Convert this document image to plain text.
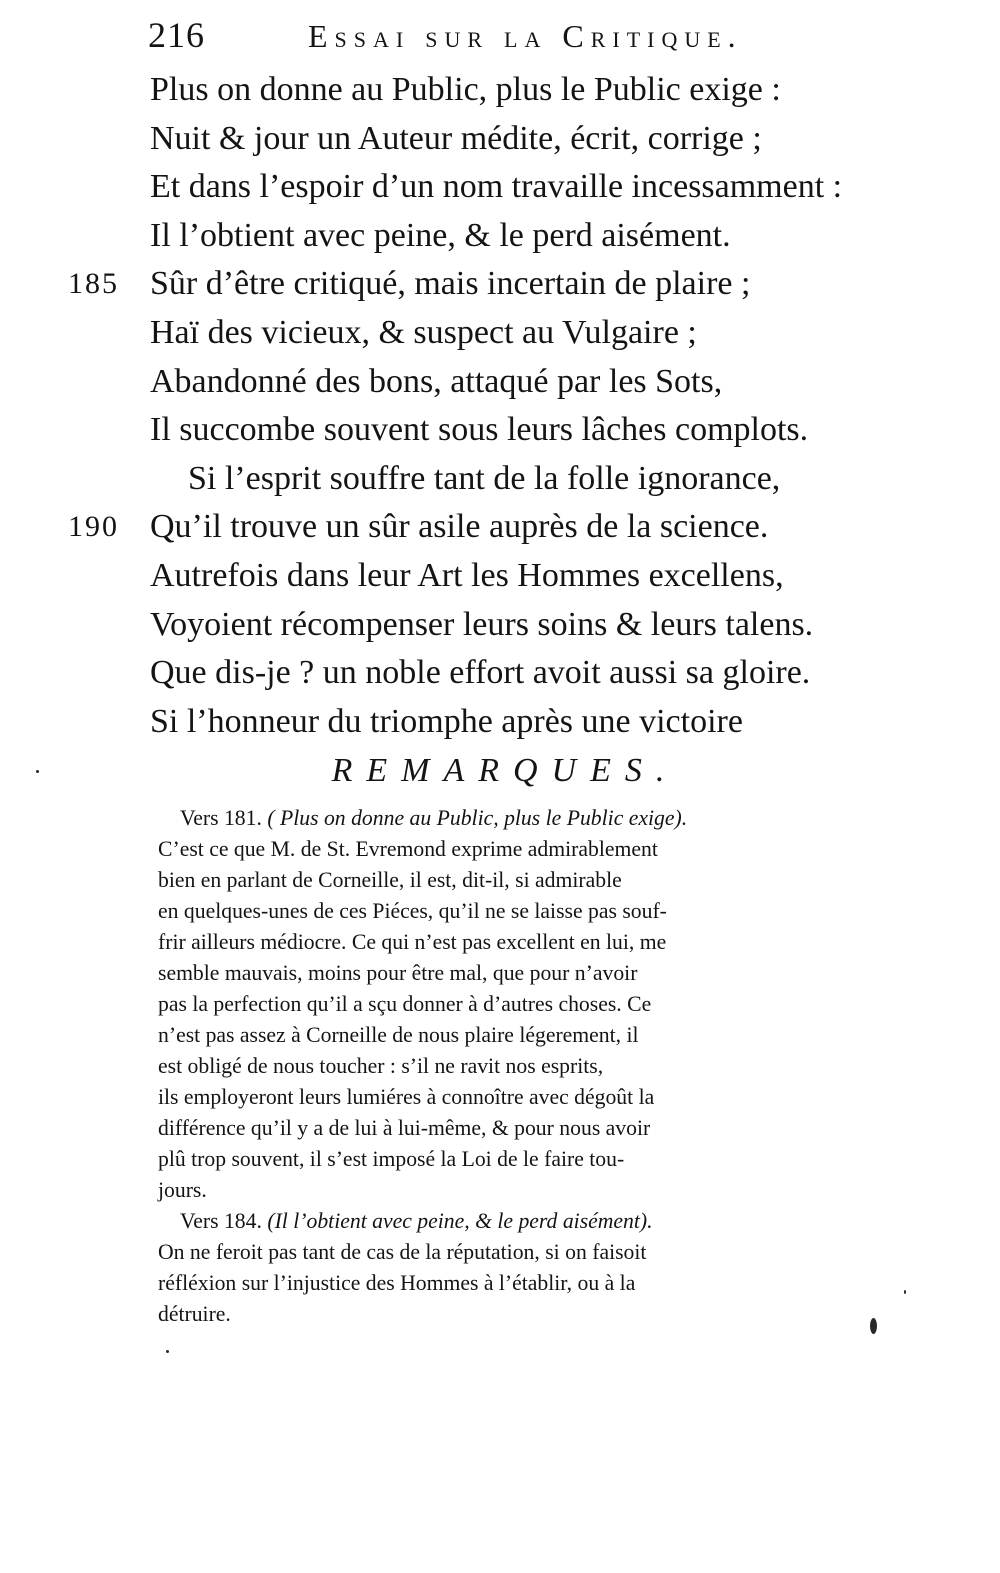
216	Essai sur la Critique.
Plus on donne au Public, plus le Public exige :
Nuit & jour un Auteur médite, écrit, corrige ;
Et dans l’espoir d’un nom travaille incessamment :
Il l’obtient avec peine, & le perd aisément.
185 Sûr d’être critiqué, mais incertain de plaire ;
Haï des vicieux, & suspect au Vulgaire ;
Abandonné des bons, attaqué par les Sots,
Il succombe souvent sous leurs lâches complots.
Si l’esprit souffre tant de la folle ignorance,
190 Qu’il trouve un sûr asile auprès de la science.
Autrefois dans leur Art les Hommes excellens,
Voyoient récompenser leurs soins & leurs talens.
Que dis-je ? un noble effort avoit aussi sa gloire.
Si l’honneur du triomphe après une victoire
REMARQUES.

Vers 181. ( Plus on donne au Public, plus le Public exige).
C’est ce que M. de St. Evremond exprime admirablement
bien en parlant de Corneille, il est, dit-il, si admirable
en quelques-unes de ces Piéces, qu’il ne se laisse pas souf-
frir ailleurs médiocre. Ce qui n’est pas excellent en lui, me
semble mauvais, moins pour être mal, que pour n’avoir
pas la perfection qu’il a sçu donner à d’autres choses. Ce
n’est pas assez à Corneille de nous plaire légerement, il
est obligé de nous toucher : s’il ne ravit nos esprits,
ils employeront leurs lumiéres à connoître avec dégoût la
différence qu’il y a de lui à lui-même, & pour nous avoir
plû trop souvent, il s’est imposé la Loi de le faire tou-
jours.

Vers 184. (Il l’obtient avec peine, & le perd aisément).
On ne feroit pas tant de cas de la réputation, si on faisoit
réfléxion sur l’injustice des Hommes à l’établir, ou à la
détruire.
